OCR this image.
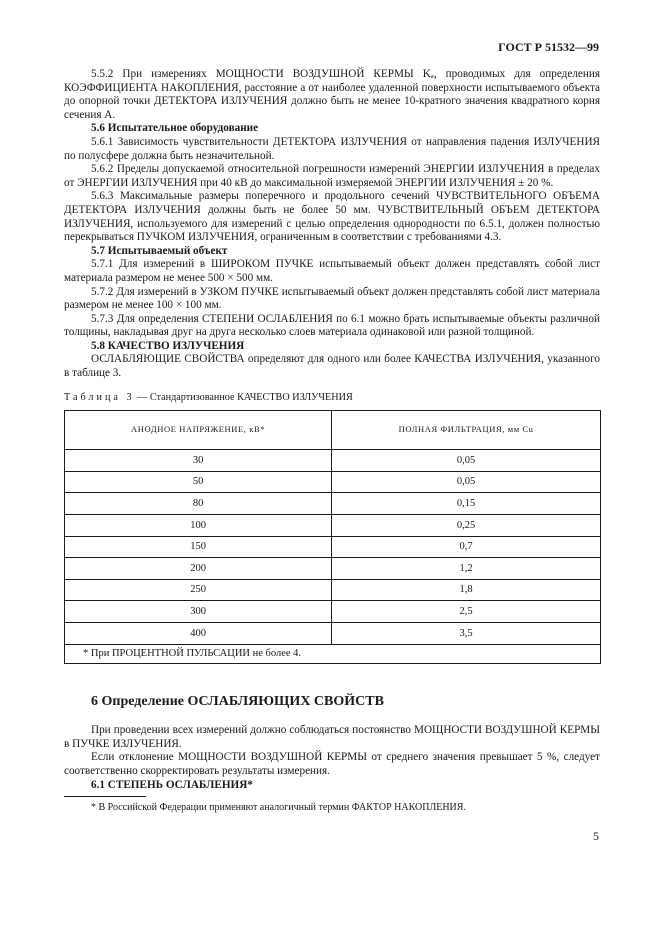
ГОСТ Р 51532—99

5.5.2 При измерениях МОЩНОСТИ ВОЗДУШНОЙ КЕРМЫ Kₐ, проводимых для определения КОЭФФИЦИЕНТА НАКОПЛЕНИЯ, расстояние a от наиболее удаленной поверхности испытываемого объекта до опорной точки ДЕТЕКТОРА ИЗЛУЧЕНИЯ должно быть не менее 10-кратного значения квадратного корня сечения A.

5.6 Испытательное оборудование

5.6.1 Зависимость чувствительности ДЕТЕКТОРА ИЗЛУЧЕНИЯ от направления падения ИЗЛУЧЕНИЯ по полусфере должна быть незначительной.

5.6.2 Пределы допускаемой относительной погрешности измерений ЭНЕРГИИ ИЗЛУЧЕНИЯ в пределах от ЭНЕРГИИ ИЗЛУЧЕНИЯ при 40 кВ до максимальной измеряемой ЭНЕРГИИ ИЗЛУЧЕНИЯ ± 20 %.

5.6.3 Максимальные размеры поперечного и продольного сечений ЧУВСТВИТЕЛЬНОГО ОБЪЕМА ДЕТЕКТОРА ИЗЛУЧЕНИЯ должны быть не более 50 мм. ЧУВСТВИТЕЛЬНЫЙ ОБЪЕМ ДЕТЕКТОРА ИЗЛУЧЕНИЯ, используемого для измерений с целью определения однородности по 6.5.1, должен полностью перекрываться ПУЧКОМ ИЗЛУЧЕНИЯ, ограниченным в соответствии с требованиями 4.3.

5.7 Испытываемый объект

5.7.1 Для измерений в ШИРОКОМ ПУЧКЕ испытываемый объект должен представлять собой лист материала размером не менее 500 × 500 мм.

5.7.2 Для измерений в УЗКОМ ПУЧКЕ испытываемый объект должен представлять собой лист материала размером не менее 100 × 100 мм.

5.7.3 Для определения СТЕПЕНИ ОСЛАБЛЕНИЯ по 6.1 можно брать испытываемые объекты различной толщины, накладывая друг на друга несколько слоев материала одинаковой или разной толщиной.

5.8 КАЧЕСТВО ИЗЛУЧЕНИЯ

ОСЛАБЛЯЮЩИЕ СВОЙСТВА определяют для одного или более КАЧЕСТВА ИЗЛУЧЕНИЯ, указанного в таблице 3.

Таблица 3 — Стандартизованное КАЧЕСТВО ИЗЛУЧЕНИЯ

АНОДНОЕ НАПРЯЖЕНИЕ, кВ*	ПОЛНАЯ ФИЛЬТРАЦИЯ, мм Cu
30	0,05
50	0,05
80	0,15
100	0,25
150	0,7
200	1,2
250	1,8
300	2,5
400	3,5
* При ПРОЦЕНТНОЙ ПУЛЬСАЦИИ не более 4.	

6 Определение ОСЛАБЛЯЮЩИХ СВОЙСТВ

При проведении всех измерений должно соблюдаться постоянство МОЩНОСТИ ВОЗДУШНОЙ КЕРМЫ в ПУЧКЕ ИЗЛУЧЕНИЯ.

Если отклонение МОЩНОСТИ ВОЗДУШНОЙ КЕРМЫ от среднего значения превышает 5 %, следует соответственно скорректировать результаты измерения.

6.1 СТЕПЕНЬ ОСЛАБЛЕНИЯ*

* В Российской Федерации применяют аналогичный термин ФАКТОР НАКОПЛЕНИЯ.

5
